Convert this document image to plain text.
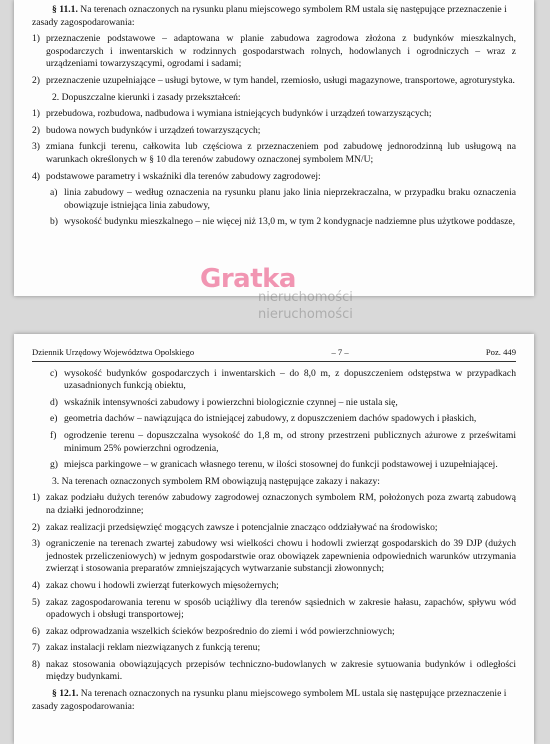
§ 11.1. Na terenach oznaczonych na rysunku planu miejscowego symbolem RM ustala się następujące przeznaczenie i zasady zagospodarowania:

1) przeznaczenie podstawowe – adaptowana w planie zabudowa zagrodowa złożona z budynków mieszkalnych, gospodarczych i inwentarskich w rodzinnych gospodarstwach rolnych, hodowlanych i ogrodniczych – wraz z urządzeniami towarzyszącymi, ogrodami i sadami;
2) przeznaczenie uzupełniające – usługi bytowe, w tym handel, rzemiosło, usługi magazynowe, transportowe, agroturystyka.

2. Dopuszczalne kierunki i zasady przekształceń:

1) przebudowa, rozbudowa, nadbudowa i wymiana istniejących budynków i urządzeń towarzyszących;
2) budowa nowych budynków i urządzeń towarzyszących;
3) zmiana funkcji terenu, całkowita lub częściowa z przeznaczeniem pod zabudowę jednorodzinną lub usługową na warunkach określonych w § 10 dla terenów zabudowy oznaczonej symbolem MN/U;
4) podstawowe parametry i wskaźniki dla terenów zabudowy zagrodowej:
a) linia zabudowy – według oznaczenia na rysunku planu jako linia nieprzekraczalna, w przypadku braku oznaczenia obowiązuje istniejąca linia zabudowy,
b) wysokość budynku mieszkalnego – nie więcej niż 13,0 m, w tym 2 kondygnacje nadziemne plus użytkowe poddasze,
Gratka
nieruchomości
nieruchomości
Dziennik Urzędowy Województwa Opolskiego	– 7 –	Poz. 449
c) wysokość budynków gospodarczych i inwentarskich – do 8,0 m, z dopuszczeniem odstępstwa w przypadkach uzasadnionych funkcją obiektu,
d) wskaźnik intensywności zabudowy i powierzchni biologicznie czynnej – nie ustala się,
e) geometria dachów – nawiązująca do istniejącej zabudowy, z dopuszczeniem dachów spadowych i płaskich,
f) ogrodzenie terenu – dopuszczalna wysokość do 1,8 m, od strony przestrzeni publicznych ażurowe z prześwitami minimum 25% powierzchni ogrodzenia,
g) miejsca parkingowe – w granicach własnego terenu, w ilości stosownej do funkcji podstawowej i uzupełniającej.

3. Na terenach oznaczonych symbolem RM obowiązują następujące zakazy i nakazy:

1) zakaz podziału dużych terenów zabudowy zagrodowej oznaczonych symbolem RM, położonych poza zwartą zabudową na działki jednorodzinne;
2) zakaz realizacji przedsięwzięć mogących zawsze i potencjalnie znacząco oddziaływać na środowisko;
3) ograniczenie na terenach zwartej zabudowy wsi wielkości chowu i hodowli zwierząt gospodarskich do 39 DJP (dużych jednostek przeliczeniowych) w jednym gospodarstwie oraz obowiązek zapewnienia odpowiednich warunków utrzymania zwierząt i stosowania preparatów zmniejszających wytwarzanie substancji złowonnych;
4) zakaz chowu i hodowli zwierząt futerkowych mięsożernych;
5) zakaz zagospodarowania terenu w sposób uciążliwy dla terenów sąsiednich w zakresie hałasu, zapachów, spływu wód opadowych i obsługi transportowej;
6) zakaz odprowadzania wszelkich ścieków bezpośrednio do ziemi i wód powierzchniowych;
7) zakaz instalacji reklam niezwiązanych z funkcją terenu;
8) nakaz stosowania obowiązujących przepisów techniczno-budowlanych w zakresie sytuowania budynków i odległości między budynkami.

§ 12.1. Na terenach oznaczonych na rysunku planu miejscowego symbolem ML ustala się następujące przeznaczenie i zasady zagospodarowania:
